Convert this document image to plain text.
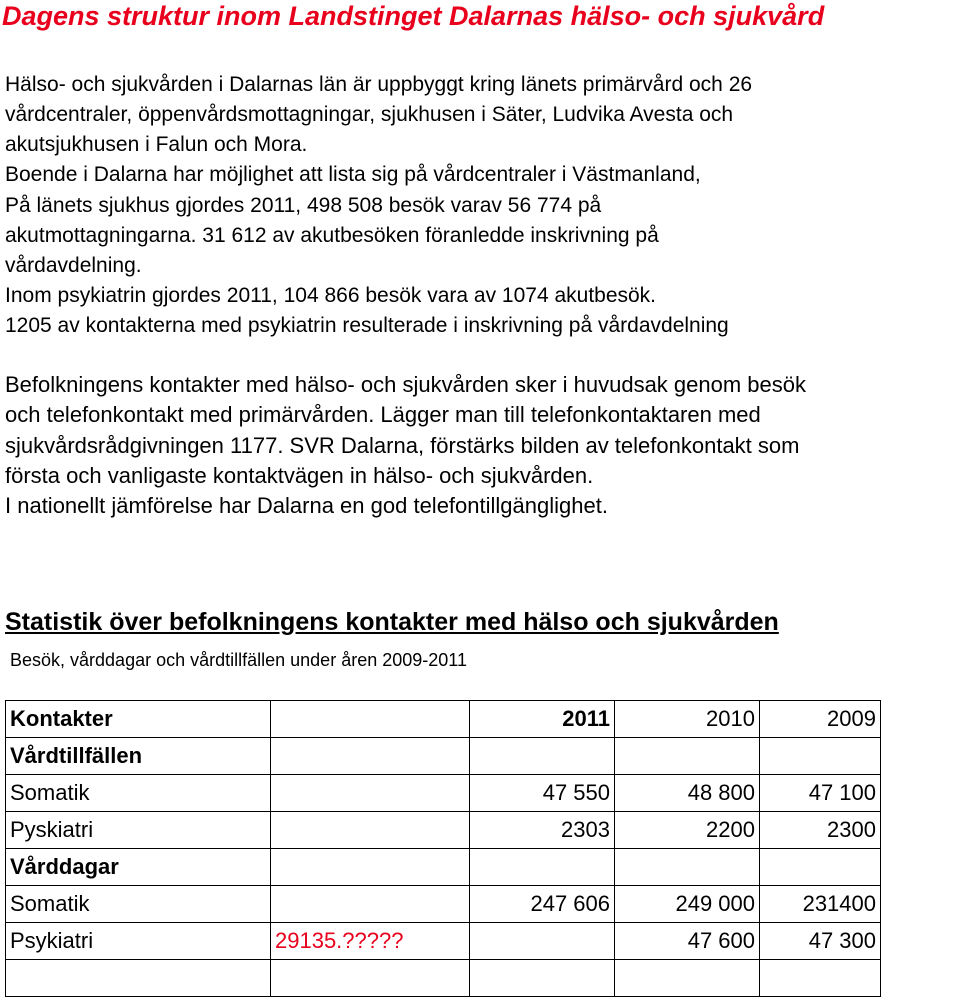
Dagens struktur inom Landstinget Dalarnas hälso- och sjukvård
Hälso- och sjukvården i Dalarnas län är uppbyggt kring länets primärvård och 26
vårdcentraler, öppenvårdsmottagningar, sjukhusen i Säter, Ludvika Avesta och
akutsjukhusen i Falun och Mora.
Boende i Dalarna har möjlighet att lista sig på vårdcentraler i Västmanland,
På länets sjukhus gjordes 2011, 498 508 besök varav 56 774 på
akutmottagningarna. 31 612 av akutbesöken föranledde inskrivning på
vårdavdelning.
Inom psykiatrin gjordes 2011, 104 866 besök vara av 1074 akutbesök.
1205 av kontakterna med psykiatrin resulterade i inskrivning på vårdavdelning
Befolkningens kontakter med hälso- och sjukvården sker i huvudsak genom besök
och telefonkontakt med primärvården. Lägger man till telefonkontaktaren med
sjukvårdsrådgivningen 1177. SVR Dalarna, förstärks bilden av telefonkontakt som
första och vanligaste kontaktvägen in hälso- och sjukvården.
I nationellt jämförelse har Dalarna en god telefontillgänglighet.
Statistik över befolkningens kontakter med hälso och sjukvården
Besök, vårddagar och vårdtillfällen under åren 2009-2011
Kontakter		2011	2010	2009
Vårdtillfällen				
Somatik		47 550	48 800	47 100
Pyskiatri		2303	2200	2300
Vårddagar				
Somatik		247 606	249 000	231400
Psykiatri	29135.?????		47 600	47 300
